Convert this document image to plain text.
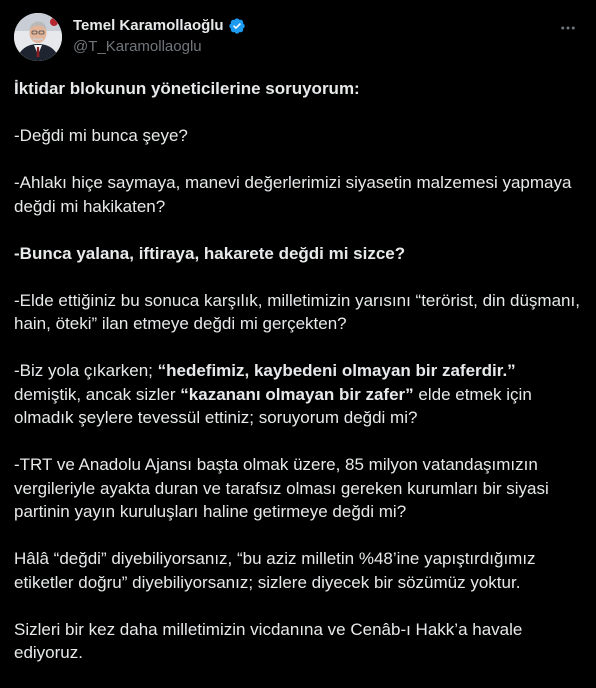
Temel Karamollaoğlu
@T_Karamollaoglu

İktidar blokunun yöneticilerine soruyorum:

-Değdi mi bunca şeye?

-Ahlakı hiçe saymaya, manevi değerlerimizi siyasetin malzemesi yapmaya değdi mi hakikaten?

-Bunca yalana, iftiraya, hakarete değdi mi sizce?

-Elde ettiğiniz bu sonuca karşılık, milletimizin yarısını “terörist, din düşmanı, hain, öteki” ilan etmeye değdi mi gerçekten?

-Biz yola çıkarken; “hedefimiz, kaybedeni olmayan bir zaferdir.” demiştik, ancak sizler “kazananı olmayan bir zafer” elde etmek için olmadık şeylere tevessül ettiniz; soruyorum değdi mi?

-TRT ve Anadolu Ajansı başta olmak üzere, 85 milyon vatandaşımızın vergileriyle ayakta duran ve tarafsız olması gereken kurumları bir siyasi partinin yayın kuruluşları haline getirmeye değdi mi?

Hâlâ “değdi” diyebiliyorsanız, “bu aziz milletin %48’ine yapıştırdığımız etiketler doğru” diyebiliyorsanız; sizlere diyecek bir sözümüz yoktur.

Sizleri bir kez daha milletimizin vicdanına ve Cenâb-ı Hakk’a havale ediyoruz.
